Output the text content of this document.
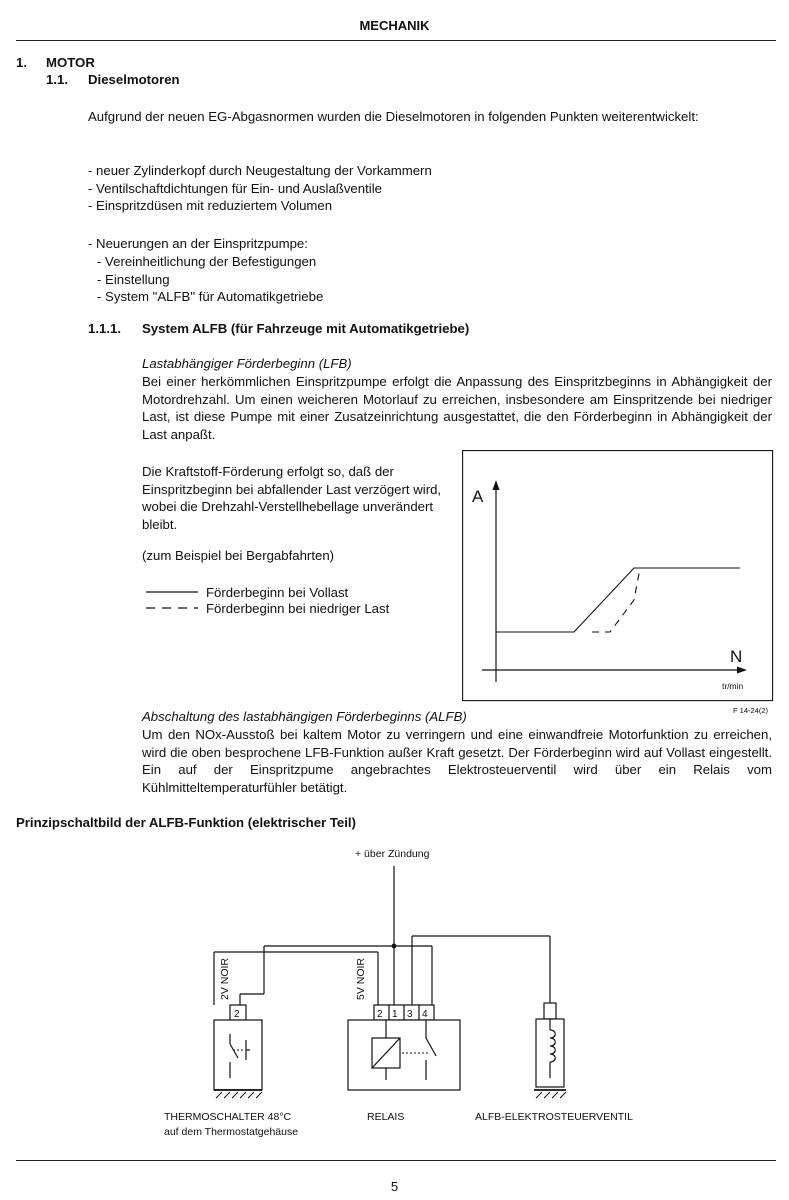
MECHANIK
1. MOTOR
1.1. Dieselmotoren

Aufgrund der neuen EG-Abgasnormen wurden die Dieselmotoren in folgenden Punkten weiterentwickelt:

- neuer Zylinderkopf durch Neugestaltung der Vorkammern
- Ventilschaftdichtungen für Ein- und Auslaßventile
- Einspritzdüsen mit reduziertem Volumen
- Neuerungen an der Einspritzpumpe:
- Vereinheitlichung der Befestigungen
- Einstellung
- System "ALFB" für Automatikgetriebe
1.1.1. System ALFB (für Fahrzeuge mit Automatikgetriebe)
Lastabhängiger Förderbeginn (LFB)

Bei einer herkömmlichen Einspritzpumpe erfolgt die Anpassung des Einspritzbeginns in Abhängigkeit der Motordrehzahl. Um einen weicheren Motorlauf zu erreichen, insbesondere am Einspritzende bei niedriger Last, ist diese Pumpe mit einer Zusatzeinrichtung ausgestattet, die den Förderbeginn in Abhängigkeit der Last anpaßt.

Die Kraftstoff-Förderung erfolgt so, daß der Einspritzbeginn bei abfallender Last verzögert wird, wobei die Drehzahl-Verstellhebellage unverändert bleibt.

(zum Beispiel bei Bergabfahrten)
Förderbeginn bei Vollast
Förderbeginn bei niedriger Last
A
N
tr/min
F 14-24(2)
Abschaltung des lastabhängigen Förderbeginns (ALFB)

Um den NOx-Ausstoß bei kaltem Motor zu verringern und eine einwandfreie Motorfunktion zu erreichen, wird die oben besprochene LFB-Funktion außer Kraft gesetzt. Der Förderbeginn wird auf Vollast eingestellt. Ein auf der Einspritzpume angebrachtes Elektrosteuerventil wird über ein Relais vom Kühlmitteltemperaturfühler betätigt.

Prinzipschaltbild der ALFB-Funktion (elektrischer Teil)
+ über Zündung
2V NOIR
2
5V NOIR
2 1 3 4
THERMOSCHALTER 48°C
auf dem Thermostatgehäuse
RELAIS	ALFB-ELEKTROSTEUERVENTIL
5
